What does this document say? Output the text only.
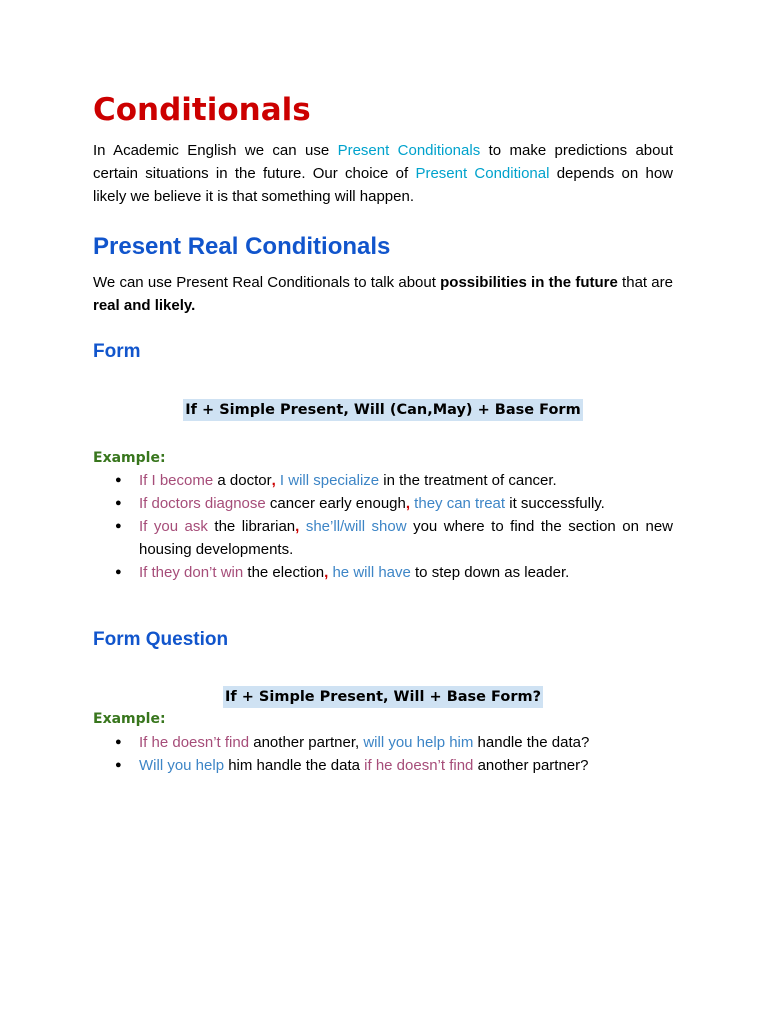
Conditionals

In Academic English we can use Present Conditionals to make predictions about certain situations in the future. Our choice of Present Conditional depends on how likely we believe it is that something will happen.

Present Real Conditionals

We can use Present Real Conditionals to talk about possibilities in the future that are real and likely.

Form
If + Simple Present, Will (Can,May) + Base Form

Example:

● If I become a doctor, I will specialize in the treatment of cancer.
● If doctors diagnose cancer early enough, they can treat it successfully.
● If you ask the librarian, she’ll/will show you where to find the section on new housing developments.
● If they don’t win the election, he will have to step down as leader.
Form Question
If + Simple Present, Will + Base Form?

Example:

● If he doesn’t find another partner, will you help him handle the data?
● Will you help him handle the data if he doesn’t find another partner?
